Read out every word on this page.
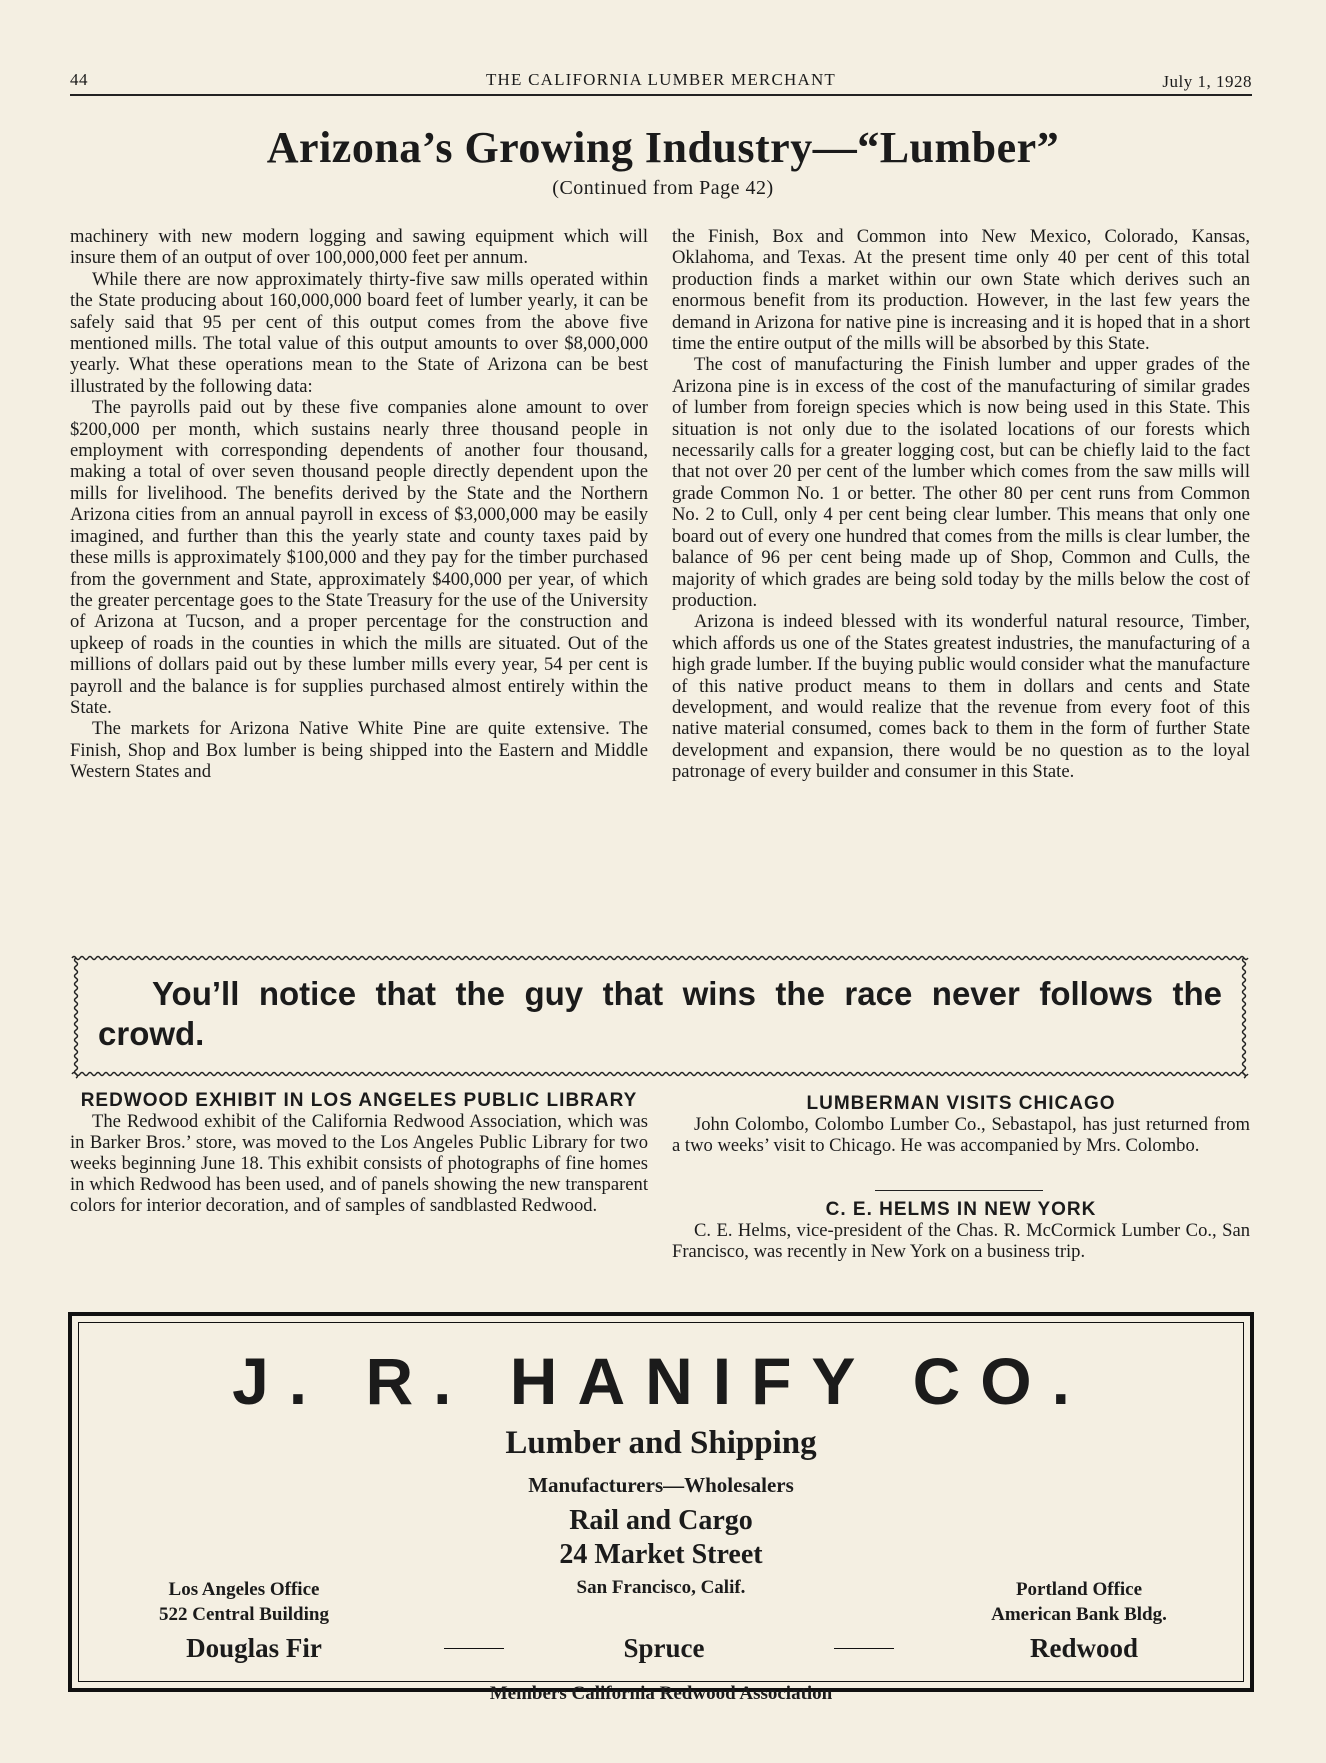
44	THE CALIFORNIA LUMBER MERCHANT	July 1, 1928
Arizona’s Growing Industry—“Lumber”
(Continued from Page 42)

machinery with new modern logging and sawing equipment which will insure them of an output of over 100,000,000 feet per annum.

While there are now approximately thirty-five saw mills operated within the State producing about 160,000,000 board feet of lumber yearly, it can be safely said that 95 per cent of this output comes from the above five mentioned mills. The total value of this output amounts to over $8,000,000 yearly. What these operations mean to the State of Arizona can be best illustrated by the following data:

The payrolls paid out by these five companies alone amount to over $200,000 per month, which sustains nearly three thousand people in employment with corresponding dependents of another four thousand, making a total of over seven thousand people directly dependent upon the mills for livelihood. The benefits derived by the State and the Northern Arizona cities from an annual payroll in excess of $3,000,000 may be easily imagined, and further than this the yearly state and county taxes paid by these mills is approximately $100,000 and they pay for the timber purchased from the government and State, approximately $400,000 per year, of which the greater percentage goes to the State Treasury for the use of the University of Arizona at Tucson, and a proper percentage for the construction and upkeep of roads in the counties in which the mills are situated. Out of the millions of dollars paid out by these lumber mills every year, 54 per cent is payroll and the balance is for supplies purchased almost entirely within the State.

The markets for Arizona Native White Pine are quite extensive. The Finish, Shop and Box lumber is being shipped into the Eastern and Middle Western States and

the Finish, Box and Common into New Mexico, Colorado, Kansas, Oklahoma, and Texas. At the present time only 40 per cent of this total production finds a market within our own State which derives such an enormous benefit from its production. However, in the last few years the demand in Arizona for native pine is increasing and it is hoped that in a short time the entire output of the mills will be absorbed by this State.

The cost of manufacturing the Finish lumber and upper grades of the Arizona pine is in excess of the cost of the manufacturing of similar grades of lumber from foreign species which is now being used in this State. This situation is not only due to the isolated locations of our forests which necessarily calls for a greater logging cost, but can be chiefly laid to the fact that not over 20 per cent of the lumber which comes from the saw mills will grade Common No. 1 or better. The other 80 per cent runs from Common No. 2 to Cull, only 4 per cent being clear lumber. This means that only one board out of every one hundred that comes from the mills is clear lumber, the balance of 96 per cent being made up of Shop, Common and Culls, the majority of which grades are being sold today by the mills below the cost of production.

Arizona is indeed blessed with its wonderful natural resource, Timber, which affords us one of the States greatest industries, the manufacturing of a high grade lumber. If the buying public would consider what the manufacture of this native product means to them in dollars and cents and State development, and would realize that the revenue from every foot of this native material consumed, comes back to them in the form of further State development and expansion, there would be no question as to the loyal patronage of every builder and consumer in this State.

You’ll notice that the guy that wins the race never follows the crowd.
REDWOOD EXHIBIT IN LOS ANGELES PUBLIC LIBRARY

The Redwood exhibit of the California Redwood Association, which was in Barker Bros.’ store, was moved to the Los Angeles Public Library for two weeks beginning June 18. This exhibit consists of photographs of fine homes in which Redwood has been used, and of panels showing the new transparent colors for interior decoration, and of samples of sandblasted Redwood.

LUMBERMAN VISITS CHICAGO

John Colombo, Colombo Lumber Co., Sebastapol, has just returned from a two weeks’ visit to Chicago. He was accompanied by Mrs. Colombo.

C. E. HELMS IN NEW YORK

C. E. Helms, vice-president of the Chas. R. McCormick Lumber Co., San Francisco, was recently in New York on a business trip.

J. R. HANIFY CO.
Lumber and Shipping
Manufacturers—Wholesalers
Rail and Cargo
24 Market Street
San Francisco, Calif.
Los Angeles Office
522 Central Building
Portland Office
American Bank Bldg.
Douglas Fir	Spruce	Redwood
Members California Redwood Association
